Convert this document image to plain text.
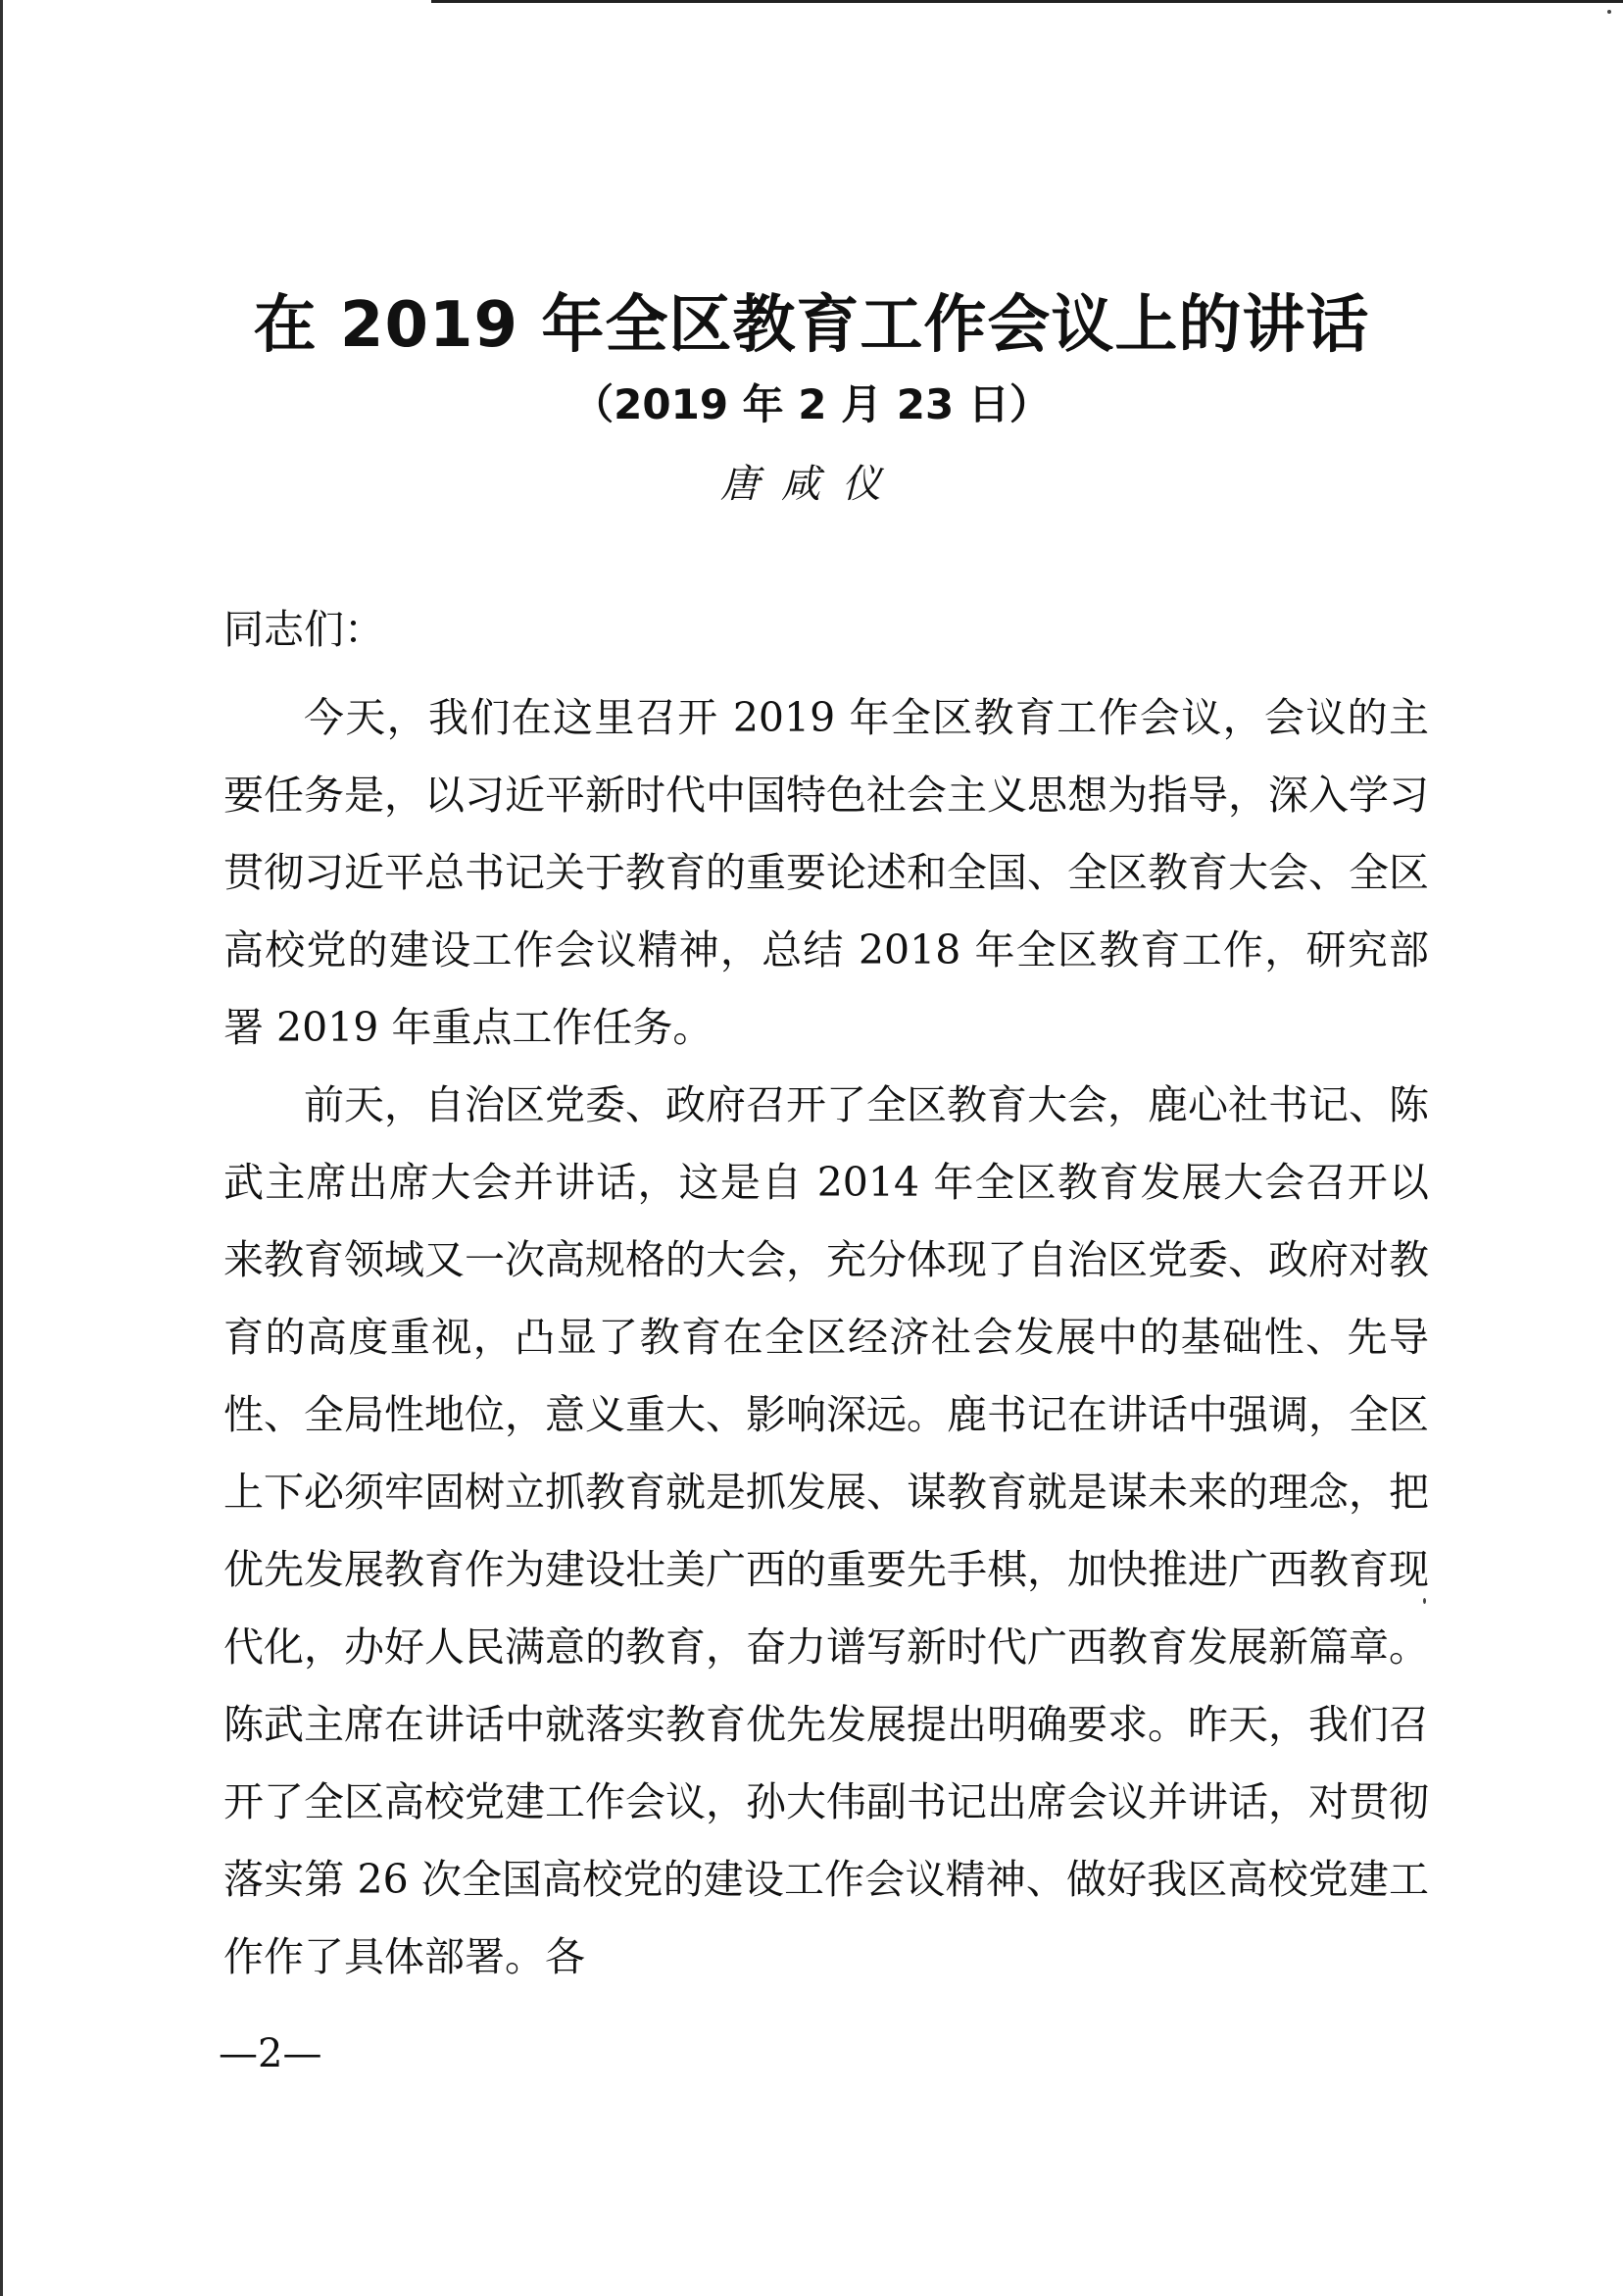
在 2019 年全区教育工作会议上的讲话
（2019 年 2 月 23 日）
唐咸仪
同志们：

今天，我们在这里召开 2019 年全区教育工作会议，会议的主要任务是，以习近平新时代中国特色社会主义思想为指导，深入学习贯彻习近平总书记关于教育的重要论述和全国、全区教育大会、全区高校党的建设工作会议精神，总结 2018 年全区教育工作，研究部署 2019 年重点工作任务。

前天，自治区党委、政府召开了全区教育大会，鹿心社书记、陈武主席出席大会并讲话，这是自 2014 年全区教育发展大会召开以来教育领域又一次高规格的大会，充分体现了自治区党委、政府对教育的高度重视，凸显了教育在全区经济社会发展中的基础性、先导性、全局性地位，意义重大、影响深远。鹿书记在讲话中强调，全区上下必须牢固树立抓教育就是抓发展、谋教育就是谋未来的理念，把优先发展教育作为建设壮美广西的重要先手棋，加快推进广西教育现代化，办好人民满意的教育，奋力谱写新时代广西教育发展新篇章。陈武主席在讲话中就落实教育优先发展提出明确要求。昨天，我们召开了全区高校党建工作会议，孙大伟副书记出席会议并讲话，对贯彻落实第 26 次全国高校党的建设工作会议精神、做好我区高校党建工作作了具体部署。各

—2—
